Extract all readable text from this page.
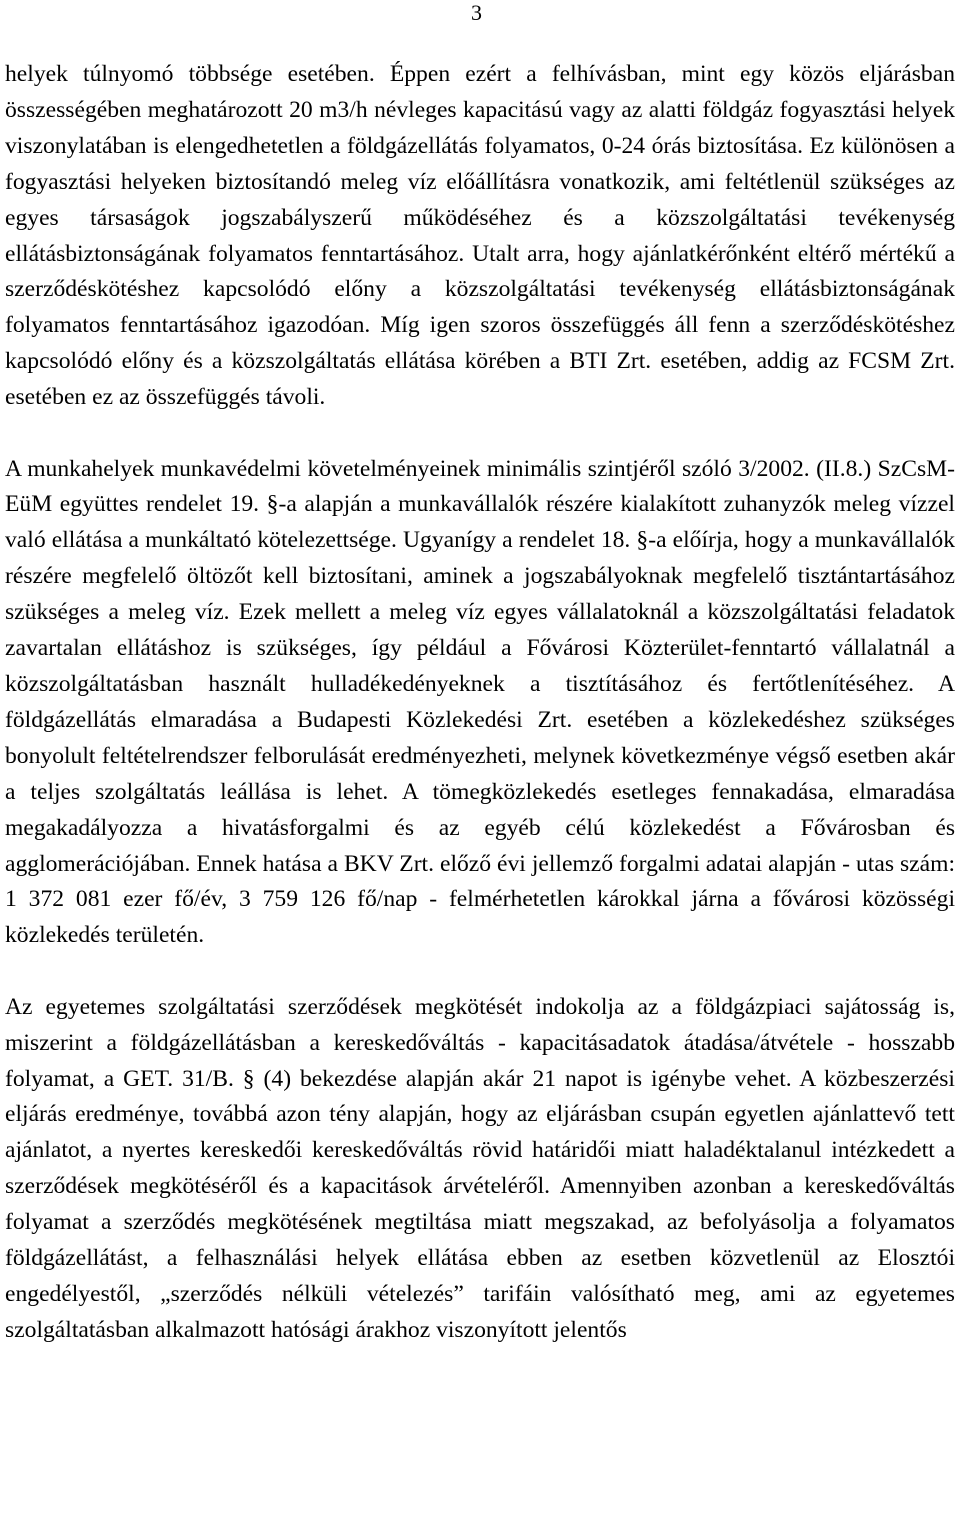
3

helyek túlnyomó többsége esetében. Éppen ezért a felhívásban, mint egy közös eljárásban összességében meghatározott 20 m3/h névleges kapacitású vagy az alatti földgáz fogyasztási helyek viszonylatában is elengedhetetlen a földgázellátás folyamatos, 0-24 órás biztosítása. Ez különösen a fogyasztási helyeken biztosítandó meleg víz előállításra vonatkozik, ami feltétlenül szükséges az egyes társaságok jogszabályszerű működéséhez és a közszolgáltatási tevékenység ellátásbiztonságának folyamatos fenntartásához. Utalt arra, hogy ajánlatkérőnként eltérő mértékű a szerződéskötéshez kapcsolódó előny a közszolgáltatási tevékenység ellátásbiztonságának folyamatos fenntartásához igazodóan. Míg igen szoros összefüggés áll fenn a szerződéskötéshez kapcsolódó előny és a közszolgáltatás ellátása körében a BTI Zrt. esetében, addig az FCSM Zrt. esetében ez az összefüggés távoli.

A munkahelyek munkavédelmi követelményeinek minimális szintjéről szóló 3/2002. (II.8.) SzCsM-EüM együttes rendelet 19. §-a alapján a munkavállalók részére kialakított zuhanyzók meleg vízzel való ellátása a munkáltató kötelezettsége. Ugyanígy a rendelet 18. §-a előírja, hogy a munkavállalók részére megfelelő öltözőt kell biztosítani, aminek a jogszabályoknak megfelelő tisztántartásához szükséges a meleg víz. Ezek mellett a meleg víz egyes vállalatoknál a közszolgáltatási feladatok zavartalan ellátáshoz is szükséges, így például a Fővárosi Közterület-fenntartó vállalatnál a közszolgáltatásban használt hulladékedényeknek a tisztításához és fertőtlenítéséhez. A földgázellátás elmaradása a Budapesti Közlekedési Zrt. esetében a közlekedéshez szükséges bonyolult feltételrendszer felborulását eredményezheti, melynek következménye végső esetben akár a teljes szolgáltatás leállása is lehet. A tömegközlekedés esetleges fennakadása, elmaradása megakadályozza a hivatásforgalmi és az egyéb célú közlekedést a Fővárosban és agglomerációjában. Ennek hatása a BKV Zrt. előző évi jellemző forgalmi adatai alapján - utas szám: 1 372 081 ezer fő/év, 3 759 126 fő/nap - felmérhetetlen károkkal járna a fővárosi közösségi közlekedés területén.

Az egyetemes szolgáltatási szerződések megkötését indokolja az a földgázpiaci sajátosság is, miszerint a földgázellátásban a kereskedőváltás - kapacitásadatok átadása/átvétele - hosszabb folyamat, a GET. 31/B. § (4) bekezdése alapján akár 21 napot is igénybe vehet. A közbeszerzési eljárás eredménye, továbbá azon tény alapján, hogy az eljárásban csupán egyetlen ajánlattevő tett ajánlatot, a nyertes kereskedői kereskedőváltás rövid határidői miatt haladéktalanul intézkedett a szerződések megkötéséről és a kapacitások árvételéről. Amennyiben azonban a kereskedőváltás folyamat a szerződés megkötésének megtiltása miatt megszakad, az befolyásolja a folyamatos földgázellátást, a felhasználási helyek ellátása ebben az esetben közvetlenül az Elosztói engedélyestől, „szerződés nélküli vételezés” tarifáin valósítható meg, ami az egyetemes szolgáltatásban alkalmazott hatósági árakhoz viszonyított jelentős
